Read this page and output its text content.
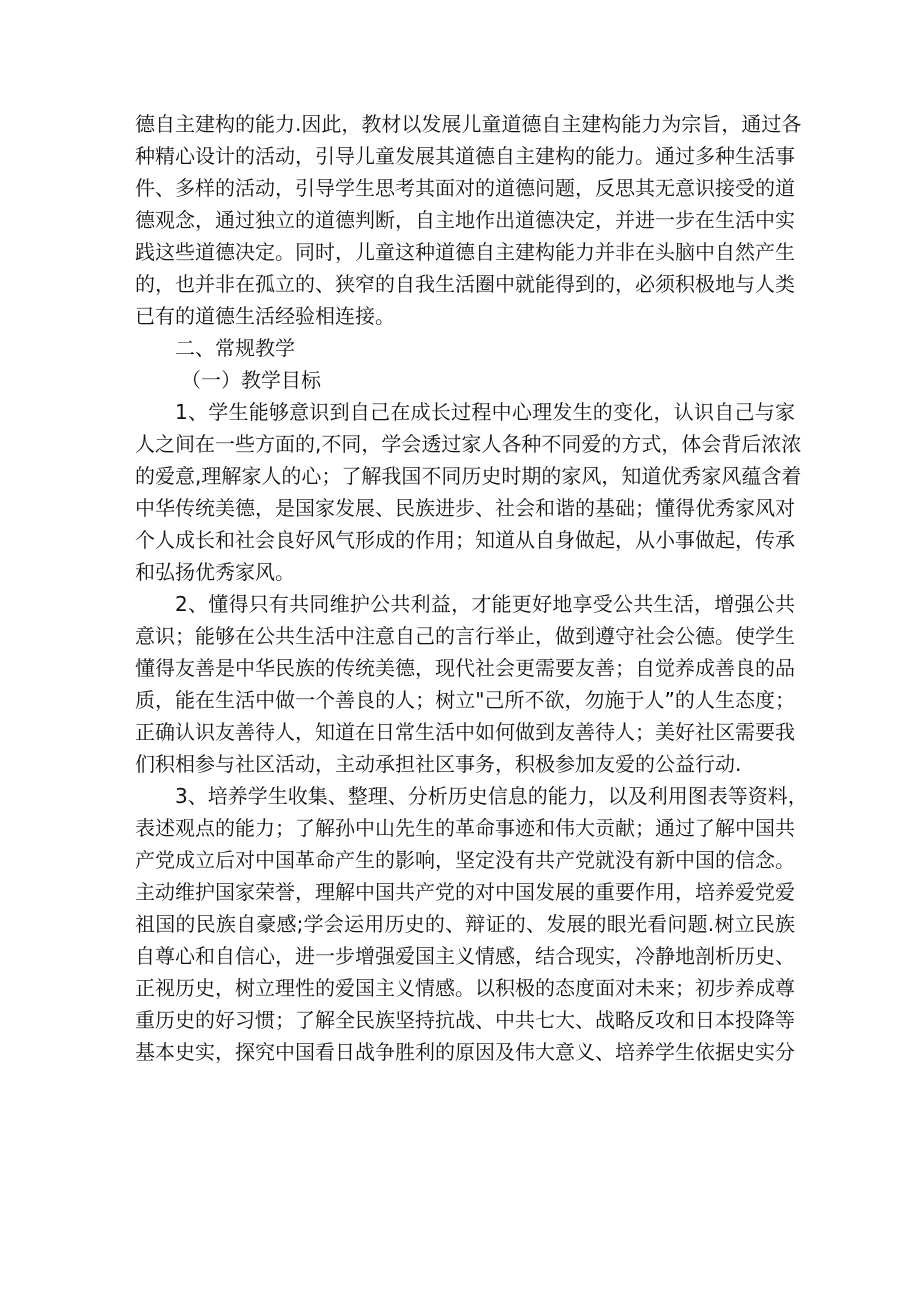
德自主建构的能力.因此，教材以发展儿童道德自主建构能力为宗旨，通过各
种精心设计的活动，引导儿童发展其道德自主建构的能力。通过多种生活事
件、多样的活动，引导学生思考其面对的道德问题，反思其无意识接受的道
德观念，通过独立的道德判断，自主地作出道德决定，并进一步在生活中实
践这些道德决定。同时，儿童这种道德自主建构能力并非在头脑中自然产生
的，也并非在孤立的、狭窄的自我生活圈中就能得到的，必须积极地与人类
已有的道德生活经验相连接。
二、常规教学
（一）教学目标
1、学生能够意识到自己在成长过程中心理发生的变化，认识自己与家
人之间在一些方面的,不同，学会透过家人各种不同爱的方式，体会背后浓浓
的爱意,理解家人的心；了解我国不同历史时期的家风，知道优秀家风蕴含着
中华传统美德，是国家发展、民族进步、社会和谐的基础；懂得优秀家风对
个人成长和社会良好风气形成的作用；知道从自身做起，从小事做起，传承
和弘扬优秀家风。
2、懂得只有共同维护公共利益，才能更好地享受公共生活，增强公共
意识；能够在公共生活中注意自己的言行举止，做到遵守社会公德。使学生
懂得友善是中华民族的传统美德，现代社会更需要友善；自觉养成善良的品
质，能在生活中做一个善良的人；树立"己所不欲，勿施于人”的人生态度；
正确认识友善待人，知道在日常生活中如何做到友善待人；美好社区需要我
们积相参与社区活动，主动承担社区事务，积极参加友爱的公益行动.
3、培养学生收集、整理、分析历史信息的能力，以及利用图表等资料，
表述观点的能力；了解孙中山先生的革命事迹和伟大贡献；通过了解中国共
产党成立后对中国革命产生的影响，坚定没有共产党就没有新中国的信念。
主动维护国家荣誉，理解中国共产党的对中国发展的重要作用，培养爱党爱
祖国的民族自豪感;学会运用历史的、辩证的、发展的眼光看问题.树立民族
自尊心和自信心，进一步增强爱国主义情感，结合现实，冷静地剖析历史、
正视历史，树立理性的爱国主义情感。以积极的态度面对未来；初步养成尊
重历史的好习惯；了解全民族坚持抗战、中共七大、战略反攻和日本投降等
基本史实，探究中国看日战争胜利的原因及伟大意义、培养学生依据史实分
